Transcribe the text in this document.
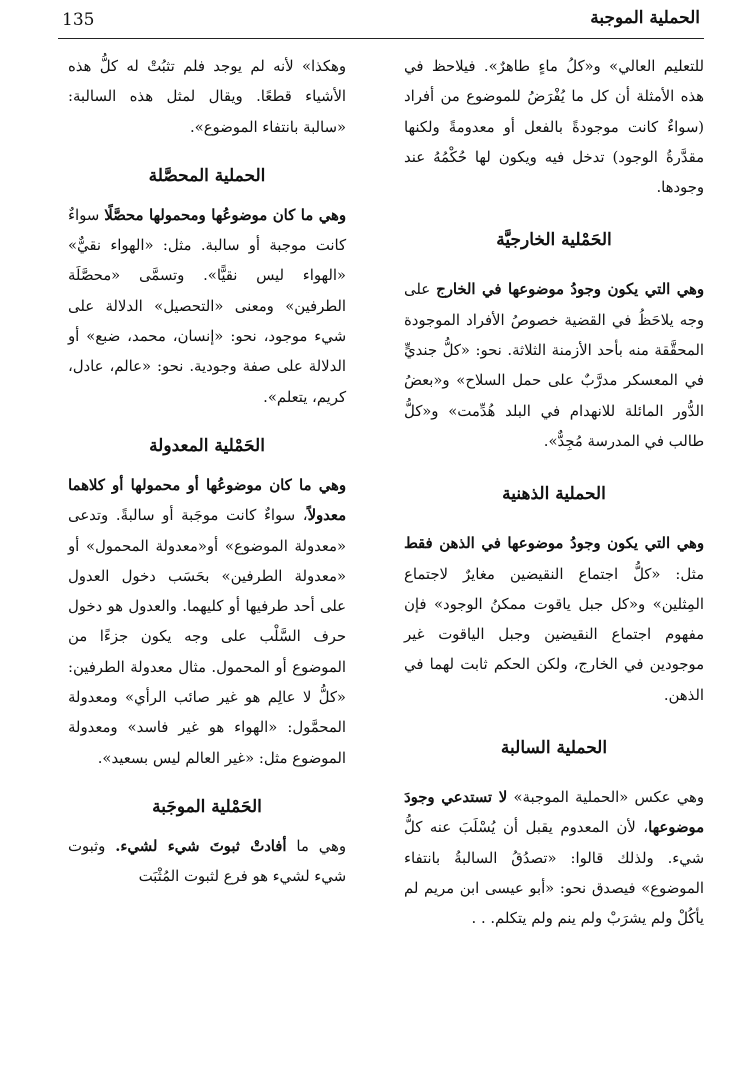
135	الحملية الموجبة

للتعليم العالي» و«كلُ ماءٍ طاهرٌ». فيلاحظ في هذه الأمثلة أن كل ما يُفْرَضُ للموضوع من أفراد (سواءٌ كانت موجودةً بالفعل أو معدومةً ولكنها مقدَّرةُ الوجود) تدخل فيه ويكون لها حُكْمُهُ عند وجودها.

الحَمْلية الخارجيَّة

وهي التي يكون وجودُ موضوعها في الخارج على وجه يلاحَظُ في القضية خصوصُ الأفراد الموجودة المحقَّقة منه بأحد الأزمنة الثلاثة. نحو: «كلُّ جنديٍّ في المعسكر مدرَّبٌ على حمل السلاح» و«بعضُ الدُّور المائلة للانهدام في البلد هُدِّمت» و«كلُّ طالب في المدرسة مُجِدٌّ».

الحملية الذهنية

وهي التي يكون وجودُ موضوعها في الذهن فقط مثل: «كلُّ اجتماع النقيضين مغايرٌ لاجتماع المِثلين» و«كل جبل ياقوت ممكنُ الوجود» فإن مفهوم اجتماع النقيضين وجبل الياقوت غير موجودين في الخارج، ولكن الحكم ثابت لهما في الذهن.

الحملية السالبة

وهي عكس «الحملية الموجبة» لا تستدعي وجودَ موضوعها، لأن المعدوم يقبل أن يُسْلَبَ عنه كلُّ شيء. ولذلك قالوا: «تصدُقُ السالبةُ بانتفاء الموضوع» فيصدق نحو: «أبو عيسى ابن مريم لم يأكُلْ ولم يشرَبْ ولم ينم ولم يتكلم. . .

وهكذا» لأنه لم يوجد فلم تثبُتْ له كلُّ هذه الأشياء قطعًا. ويقال لمثل هذه السالبة: «سالبة بانتفاء الموضوع».

الحملية المحصَّلة

وهي ما كان موضوعُها ومحمولها محصَّلًا سواءٌ كانت موجبة أو سالبة. مثل: «الهواء نقيٌّ» «الهواء ليس نقيًّا». وتسمَّى «محصَّلَة الطرفين» ومعنى «التحصيل» الدلالة على شيء موجود، نحو: «إنسان، محمد، ضبع» أو الدلالة على صفة وجودية. نحو: «عالم، عادل، كريم، يتعلم».

الحَمْلية المعدولة

وهي ما كان موضوعُها أو محمولها أو كلاهما معدولاً، سواءٌ كانت موجَبة أو سالبةً. وتدعى «معدولة الموضوع» أو«معدولة المحمول» أو «معدولة الطرفين» بحَسَب دخول العدول على أحد طرفيها أو كليهما. والعدول هو دخول حرف السَّلْب على وجه يكون جزءًا من الموضوع أو المحمول. مثال معدولة الطرفين: «كلُّ لا عالِم هو غير صائب الرأي» ومعدولة المحمَّول: «الهواء هو غير فاسد» ومعدولة الموضوع مثل: «غير العالم ليس بسعيد».

الحَمْلية الموجَبة

وهي ما أفادتْ ثبوتَ شيء لشيء. وثبوت شيء لشيء هو فرع لثبوت المُثْبَت
